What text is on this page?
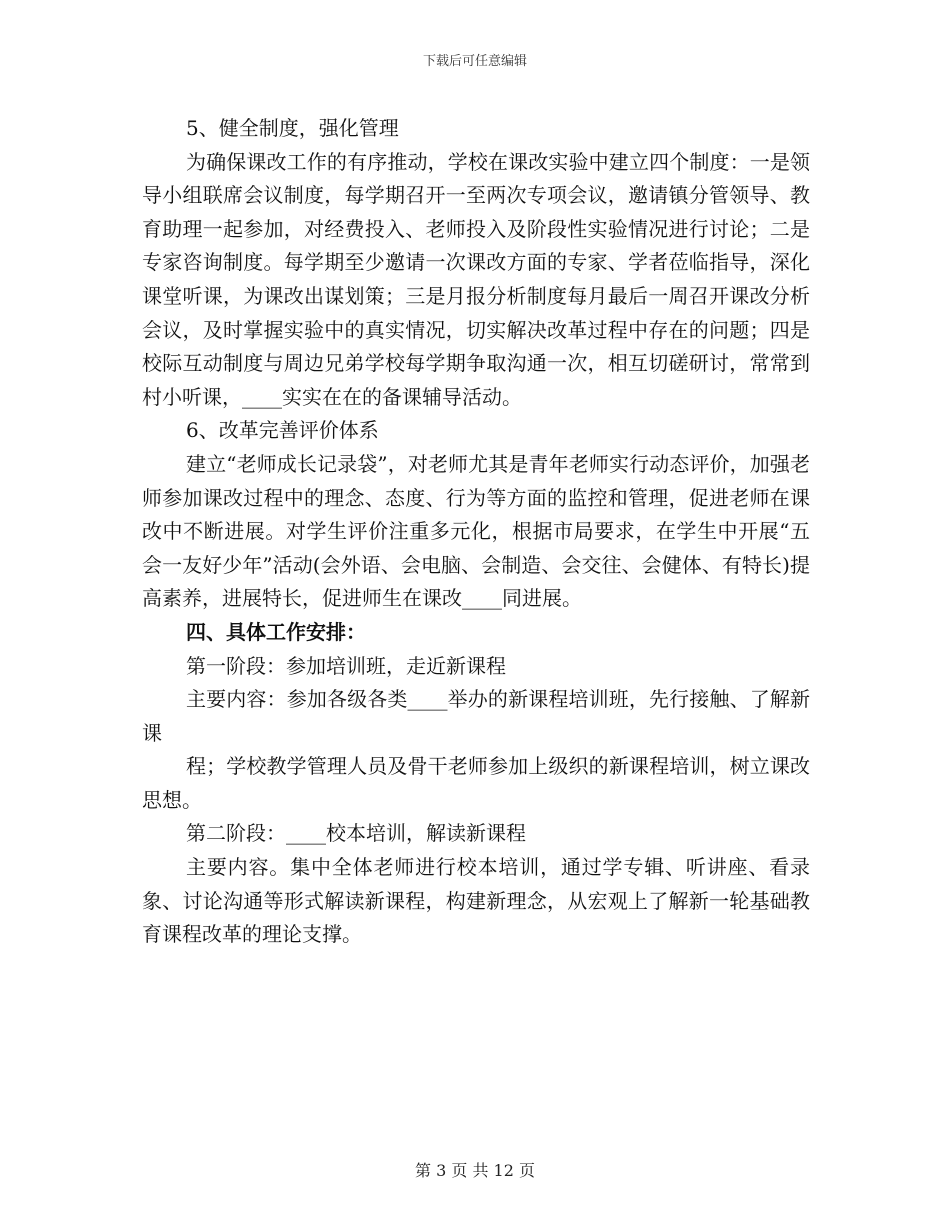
下载后可任意编辑

5、健全制度，强化管理

为确保课改工作的有序推动，学校在课改实验中建立四个制度：一是领导小组联席会议制度，每学期召开一至两次专项会议，邀请镇分管领导、教育助理一起参加，对经费投入、老师投入及阶段性实验情况进行讨论；二是专家咨询制度。每学期至少邀请一次课改方面的专家、学者莅临指导，深化课堂听课，为课改出谋划策；三是月报分析制度每月最后一周召开课改分析会议，及时掌握实验中的真实情况，切实解决改革过程中存在的问题；四是校际互动制度与周边兄弟学校每学期争取沟通一次，相互切磋研讨，常常到村小听课，____实实在在的备课辅导活动。

6、改革完善评价体系

建立“老师成长记录袋”，对老师尤其是青年老师实行动态评价，加强老师参加课改过程中的理念、态度、行为等方面的监控和管理，促进老师在课改中不断进展。对学生评价注重多元化，根据市局要求，在学生中开展“五会一友好少年”活动(会外语、会电脑、会制造、会交往、会健体、有特长)提高素养，进展特长，促进师生在课改____同进展。

四、具体工作安排：

第一阶段：参加培训班，走近新课程

主要内容：参加各级各类____举办的新课程培训班，先行接触、了解新课

程；学校教学管理人员及骨干老师参加上级织的新课程培训，树立课改思想。

第二阶段：____校本培训，解读新课程

主要内容。集中全体老师进行校本培训，通过学专辑、听讲座、看录象、讨论沟通等形式解读新课程，构建新理念，从宏观上了解新一轮基础教育课程改革的理论支撑。

第 3 页 共 12 页
